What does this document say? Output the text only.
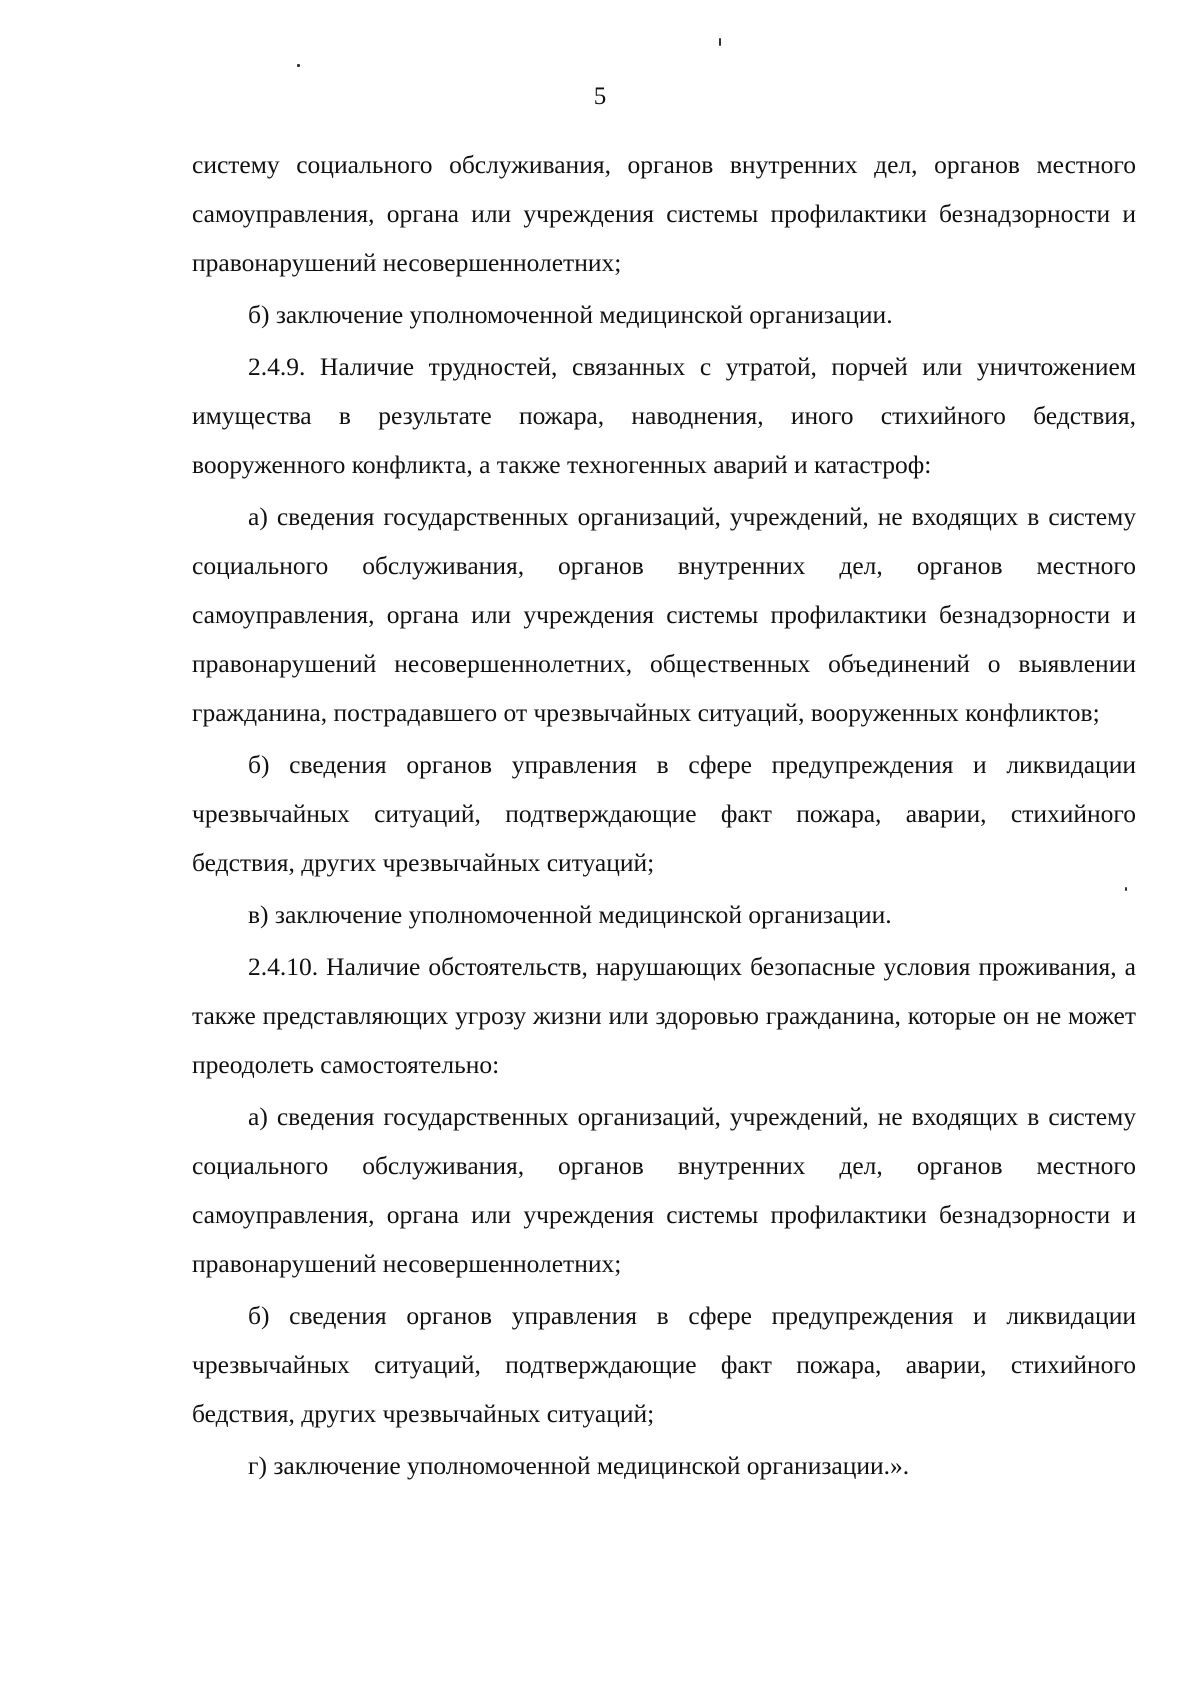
5

системy социального обслуживания, органов внутренних дел, органов местного самоуправления, органа или учреждения системы профилактики безнадзорности и правонарушений несовершеннолетних;

б) заключение уполномоченной медицинской организации.

2.4.9. Наличие трудностей, связанных с утратой, порчей или уничтожением имущества в результате пожара, наводнения, иного стихийного бедствия, вооруженного конфликта, а также техногенных аварий и катастроф:

а) сведения государственных организаций, учреждений, не входящих в систему социального обслуживания, органов внутренних дел, органов местного самоуправления, органа или учреждения системы профилактики безнадзорности и правонарушений несовершеннолетних, общественных объединений о выявлении гражданина, пострадавшего от чрезвычайных ситуаций, вооруженных конфликтов;

б) сведения органов управления в сфере предупреждения и ликвидации чрезвычайных ситуаций, подтверждающие факт пожара, аварии, стихийного бедствия, других чрезвычайных ситуаций;

в) заключение уполномоченной медицинской организации.

2.4.10. Наличие обстоятельств, нарушающих безопасные условия проживания, а также представляющих угрозу жизни или здоровью гражданина, которые он не может преодолеть самостоятельно:

а) сведения государственных организаций, учреждений, не входящих в систему социального обслуживания, органов внутренних дел, органов местного самоуправления, органа или учреждения системы профилактики безнадзорности и правонарушений несовершеннолетних;

б) сведения органов управления в сфере предупреждения и ликвидации чрезвычайных ситуаций, подтверждающие факт пожара, аварии, стихийного бедствия, других чрезвычайных ситуаций;

г) заключение уполномоченной медицинской организации.».
